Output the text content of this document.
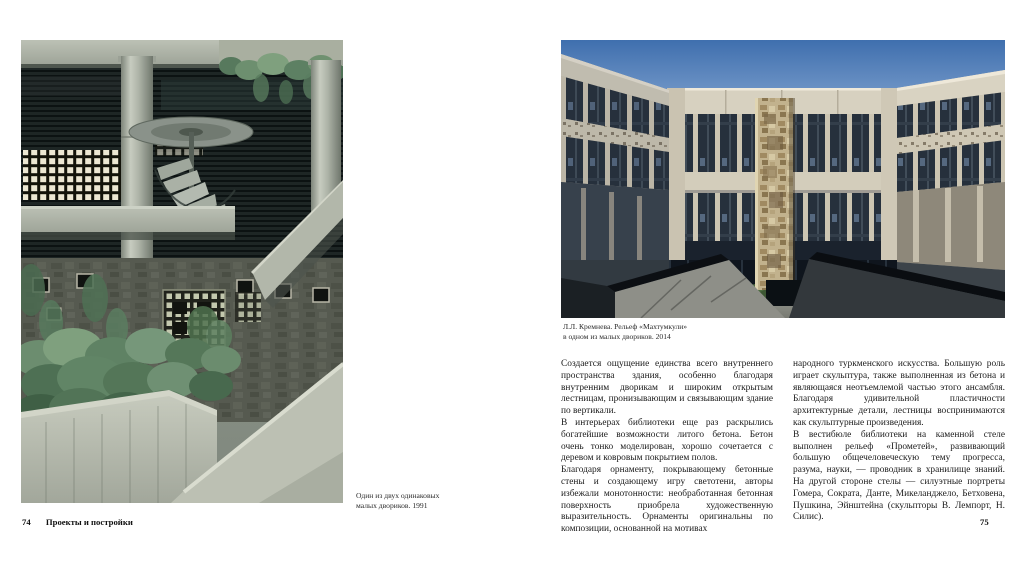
Один из двух одинаковых
малых двориков. 1991
74 Проекты и постройки
Л.Л. Кремнева. Рельеф «Махтумкули»
в одном из малых двориков. 2014

Создается ощущение единства всего внутреннего пространства здания, особенно благодаря внутренним дворикам и широким открытым лестницам, пронизывающим и связывающим здание по вертикали.

В интерьерах библиотеки еще раз раскрылись богатейшие возможности литого бетона. Бетон очень тонко моделирован, хорошо сочетается с деревом и ковровым покрытием полов.

Благодаря орнаменту, покрывающему бетонные стены и создающему игру светотени, авторы избежали монотонности: необработанная бетонная поверхность приобрела художественную выразительность. Орнаменты оригинальны по композиции, основанной на мотивах

народного туркменского искусства. Большую роль играет скульптура, также выполненная из бетона и являющаяся неотъемлемой частью этого ансамбля. Благодаря удивительной пластичности архитектурные детали, лестницы воспринимаются как скульптурные произведения.

В вестибюле библиотеки на каменной стеле выполнен рельеф «Прометей», развивающий большую общечеловеческую тему прогресса, разума, науки, — проводник в хранилище знаний. На другой стороне стелы — силуэтные портреты Гомера, Сократа, Данте, Микеланджело, Бетховена, Пушкина, Эйнштейна (скульпторы В. Лемпорт, Н. Силис).	75
